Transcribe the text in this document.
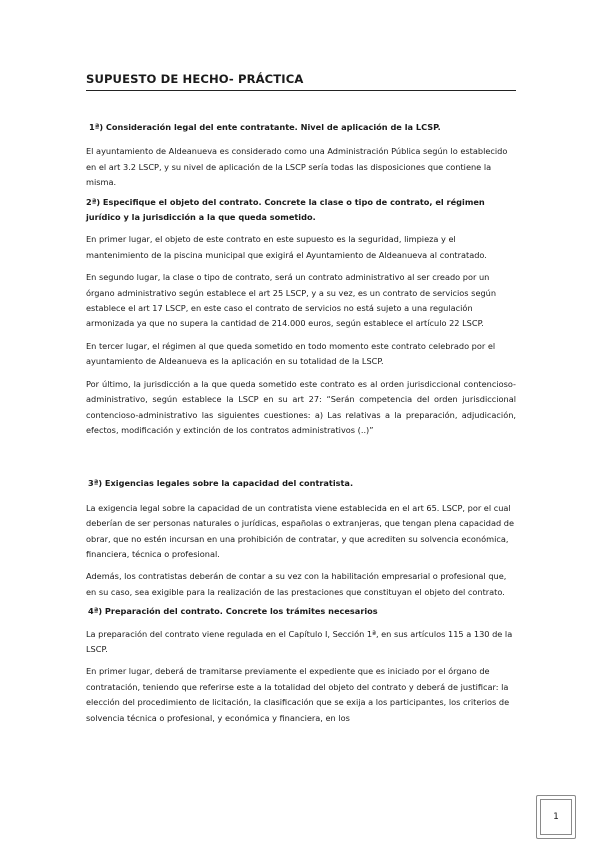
SUPUESTO DE HECHO- PRÁCTICA

1ª) Consideración legal del ente contratante. Nivel de aplicación de la LCSP.

El ayuntamiento de Aldeanueva es considerado como una Administración Pública según lo establecido en el art 3.2 LSCP, y su nivel de aplicación de la LSCP sería todas las disposiciones que contiene la misma.

2ª) Especifique el objeto del contrato. Concrete la clase o tipo de contrato, el régimen jurídico y la jurisdicción a la que queda sometido.

En primer lugar, el objeto de este contrato en este supuesto es la seguridad, limpieza y el mantenimiento de la piscina municipal que exigirá el Ayuntamiento de Aldeanueva al contratado.

En segundo lugar, la clase o tipo de contrato, será un contrato administrativo al ser creado por un órgano administrativo según establece el art 25 LSCP, y a su vez, es un contrato de servicios según establece el art 17 LSCP, en este caso el contrato de servicios no está sujeto a una regulación armonizada ya que no supera la cantidad de 214.000 euros, según establece el artículo 22 LSCP.

En tercer lugar, el régimen al que queda sometido en todo momento este contrato celebrado por el ayuntamiento de Aldeanueva es la aplicación en su totalidad de la LSCP.

Por último, la jurisdicción a la que queda sometido este contrato es al orden jurisdiccional contencioso-administrativo, según establece la LSCP en su art 27: “Serán competencia del orden jurisdiccional contencioso-administrativo las siguientes cuestiones: a) Las relativas a la preparación, adjudicación, efectos, modificación y extinción de los contratos administrativos (..)”

3ª) Exigencias legales sobre la capacidad del contratista.

La exigencia legal sobre la capacidad de un contratista viene establecida en el art 65. LSCP, por el cual deberían de ser personas naturales o jurídicas, españolas o extranjeras, que tengan plena capacidad de obrar, que no estén incursan en una prohibición de contratar, y que acrediten su solvencia económica, financiera, técnica o profesional.

Además, los contratistas deberán de contar a su vez con la habilitación empresarial o profesional que, en su caso, sea exigible para la realización de las prestaciones que constituyan el objeto del contrato.

4ª) Preparación del contrato. Concrete los trámites necesarios

La preparación del contrato viene regulada en el Capítulo I, Sección 1ª, en sus artículos 115 a 130 de la LSCP.

En primer lugar, deberá de tramitarse previamente el expediente que es iniciado por el órgano de contratación, teniendo que referirse este a la totalidad del objeto del contrato y deberá de justificar: la elección del procedimiento de licitación, la clasificación que se exija a los participantes, los criterios de solvencia técnica o profesional, y económica y financiera, en los

1
